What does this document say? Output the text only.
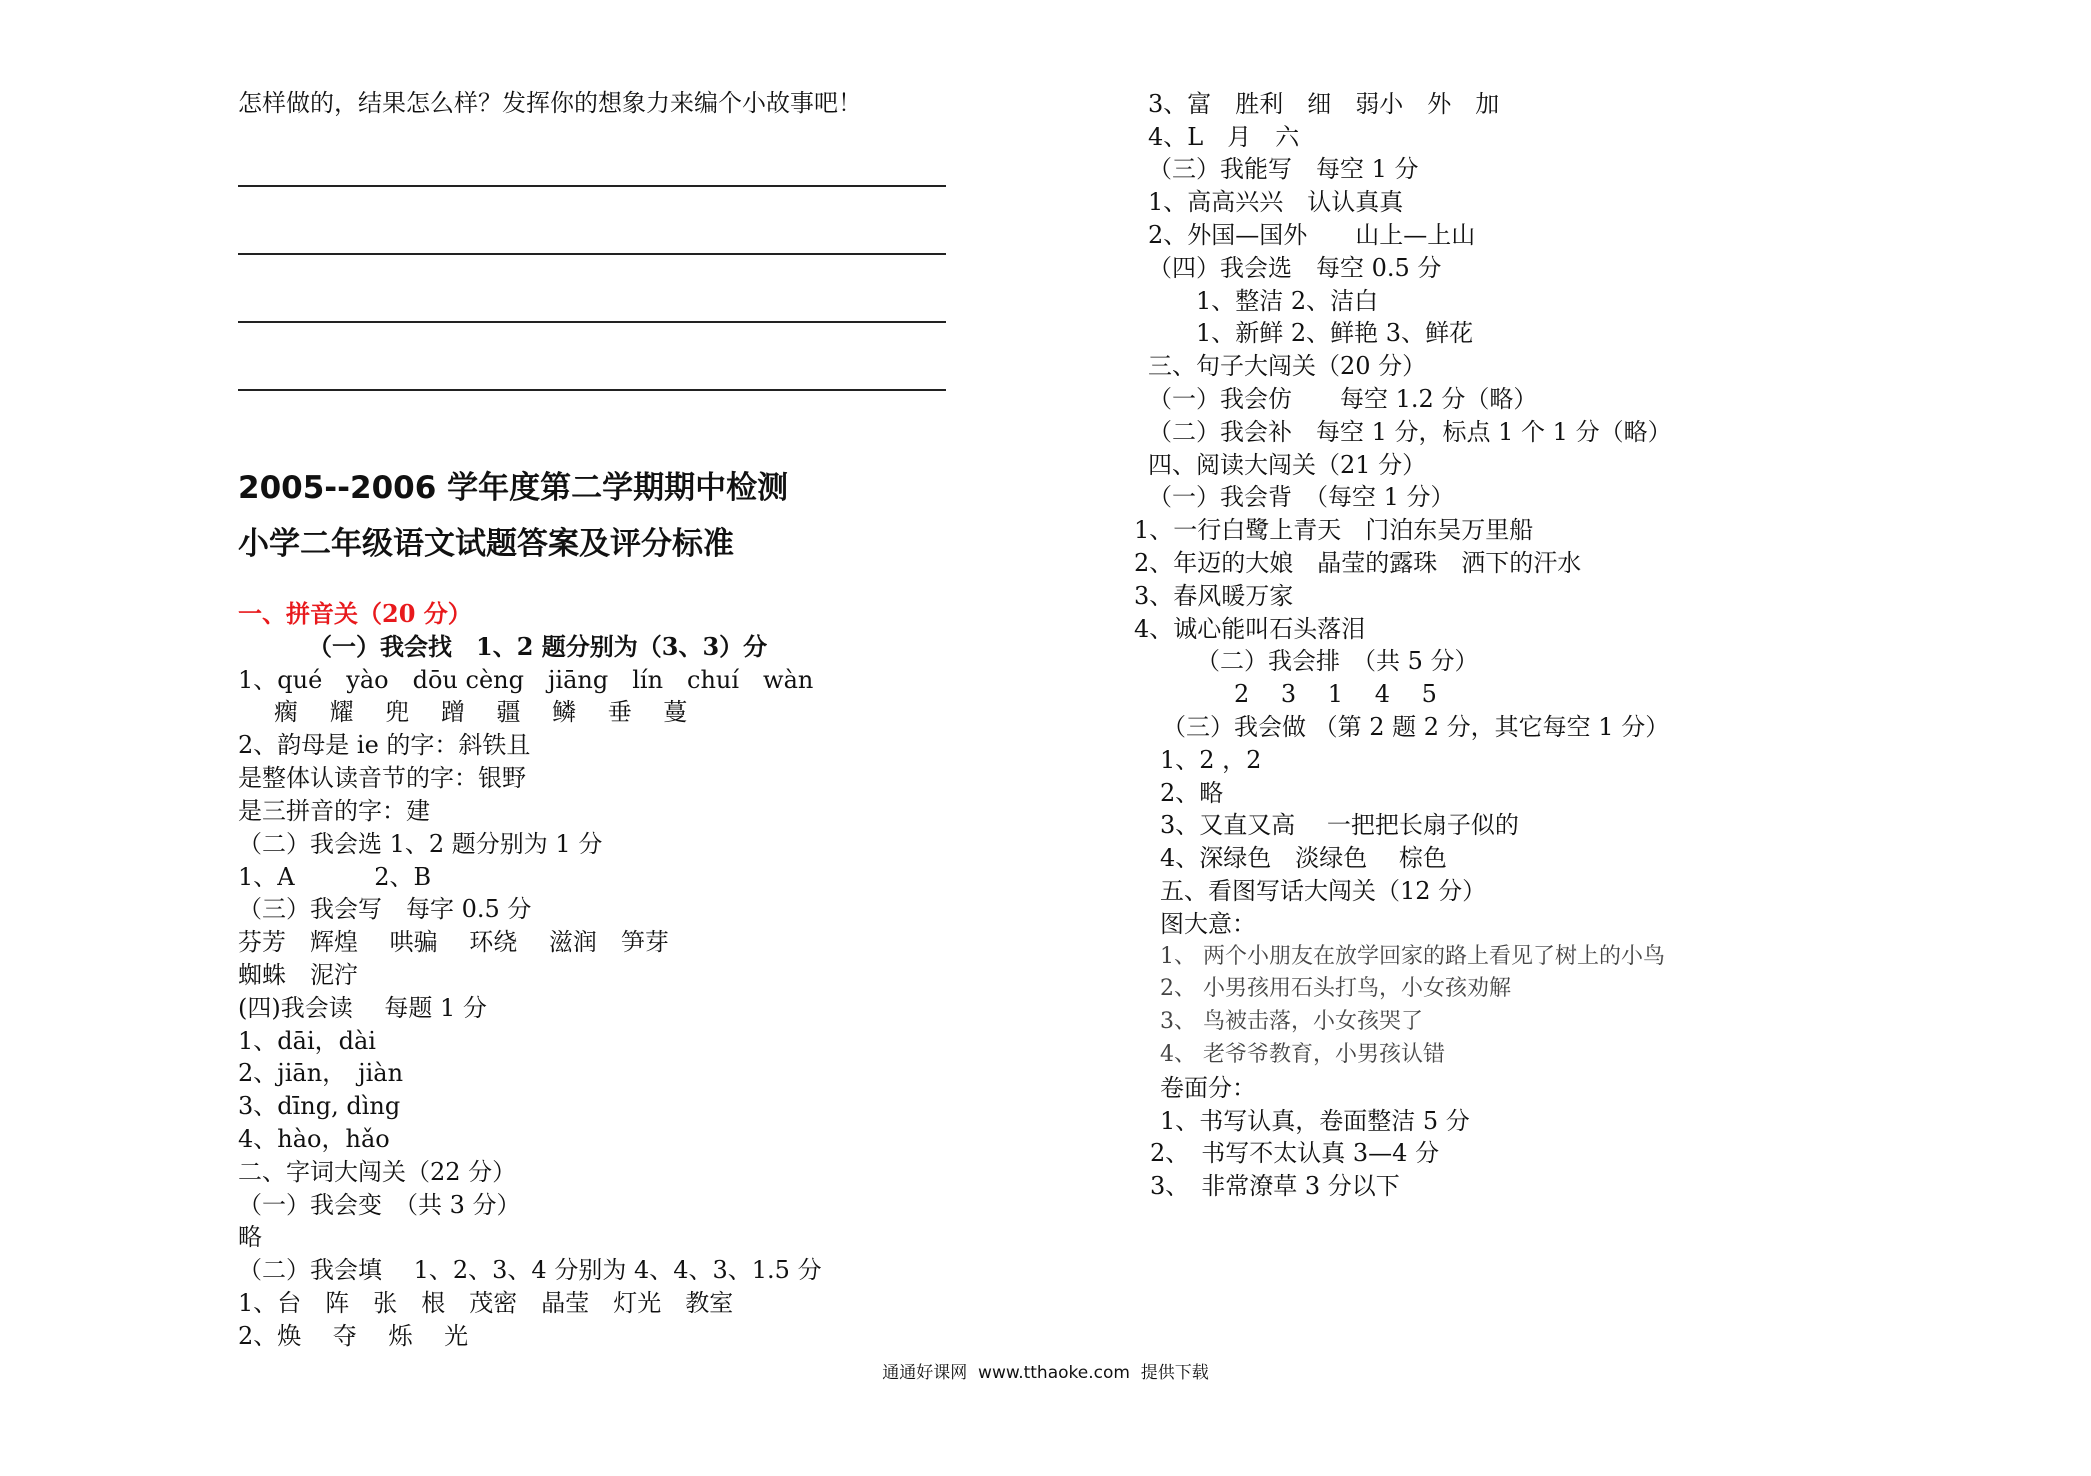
怎样做的，结果怎么样？发挥你的想象力来编个小故事吧！
2005--2006 学年度第二学期期中检测
小学二年级语文试题答案及评分标准
一、拼音关（20 分）
（一）我会找　1、2 题分别为（3、3）分
1、qué　yào　dōu cèng　jiāng　lín　chuí　wàn
瘸　 耀　 兜　 蹭　 疆　 鳞　 垂　 蔓
2、韵母是 ie 的字：斜铁且
是整体认读音节的字：银野
是三拼音的字：建
（二）我会选 1、2 题分别为 1 分
1、A　　　 2、B
（三）我会写　每字 0.5 分
芬芳　辉煌　 哄骗　 环绕　 滋润　笋芽
蜘蛛　泥泞
(四)我会读　 每题 1 分
1、dāi，dài
2、jiān，　jiàn
3、dīng, dìng
4、hào，hǎo
二、字词大闯关（22 分）
（一）我会变　（共 3 分）
略
（二）我会填　 1、2、3、4 分别为 4、4、3、1.5 分
1、台　阵　张　根　茂密　晶莹　灯光　教室
2、焕　 夺　 烁　 光
3、富　胜利　细　弱小　外　加
4、L　月　六
（三）我能写　每空 1 分
1、高高兴兴　认认真真
2、外国—国外　　山上—上山
（四）我会选　每空 0.5 分
1、整洁 2、洁白
1、新鲜 2、鲜艳 3、鲜花
三、句子大闯关（20 分）
（一）我会仿　　每空 1.2 分（略）
（二）我会补　每空 1 分，标点 1 个 1 分（略）
四、阅读大闯关（21 分）
（一）我会背　（每空 1 分）
1、一行白鹭上青天　门泊东吴万里船
2、年迈的大娘　晶莹的露珠　洒下的汗水
3、春风暖万家
4、诚心能叫石头落泪
（二）我会排　（共 5 分）
2　 3　 1　 4　 5
（三）我会做 （第 2 题 2 分，其它每空 1 分）
1、2 ，2
2、略
3、又直又高　 一把把长扇子似的
4、深绿色　淡绿色　 棕色
五、看图写话大闯关（12 分）
图大意：
1、 两个小朋友在放学回家的路上看见了树上的小鸟
2、 小男孩用石头打鸟，小女孩劝解
3、 鸟被击落，小女孩哭了
4、 老爷爷教育，小男孩认错
卷面分：
1、书写认真，卷面整洁 5 分
2、　书写不太认真 3—4 分
3、　非常潦草 3 分以下
通通好课网  www.tthaoke.com  提供下载
